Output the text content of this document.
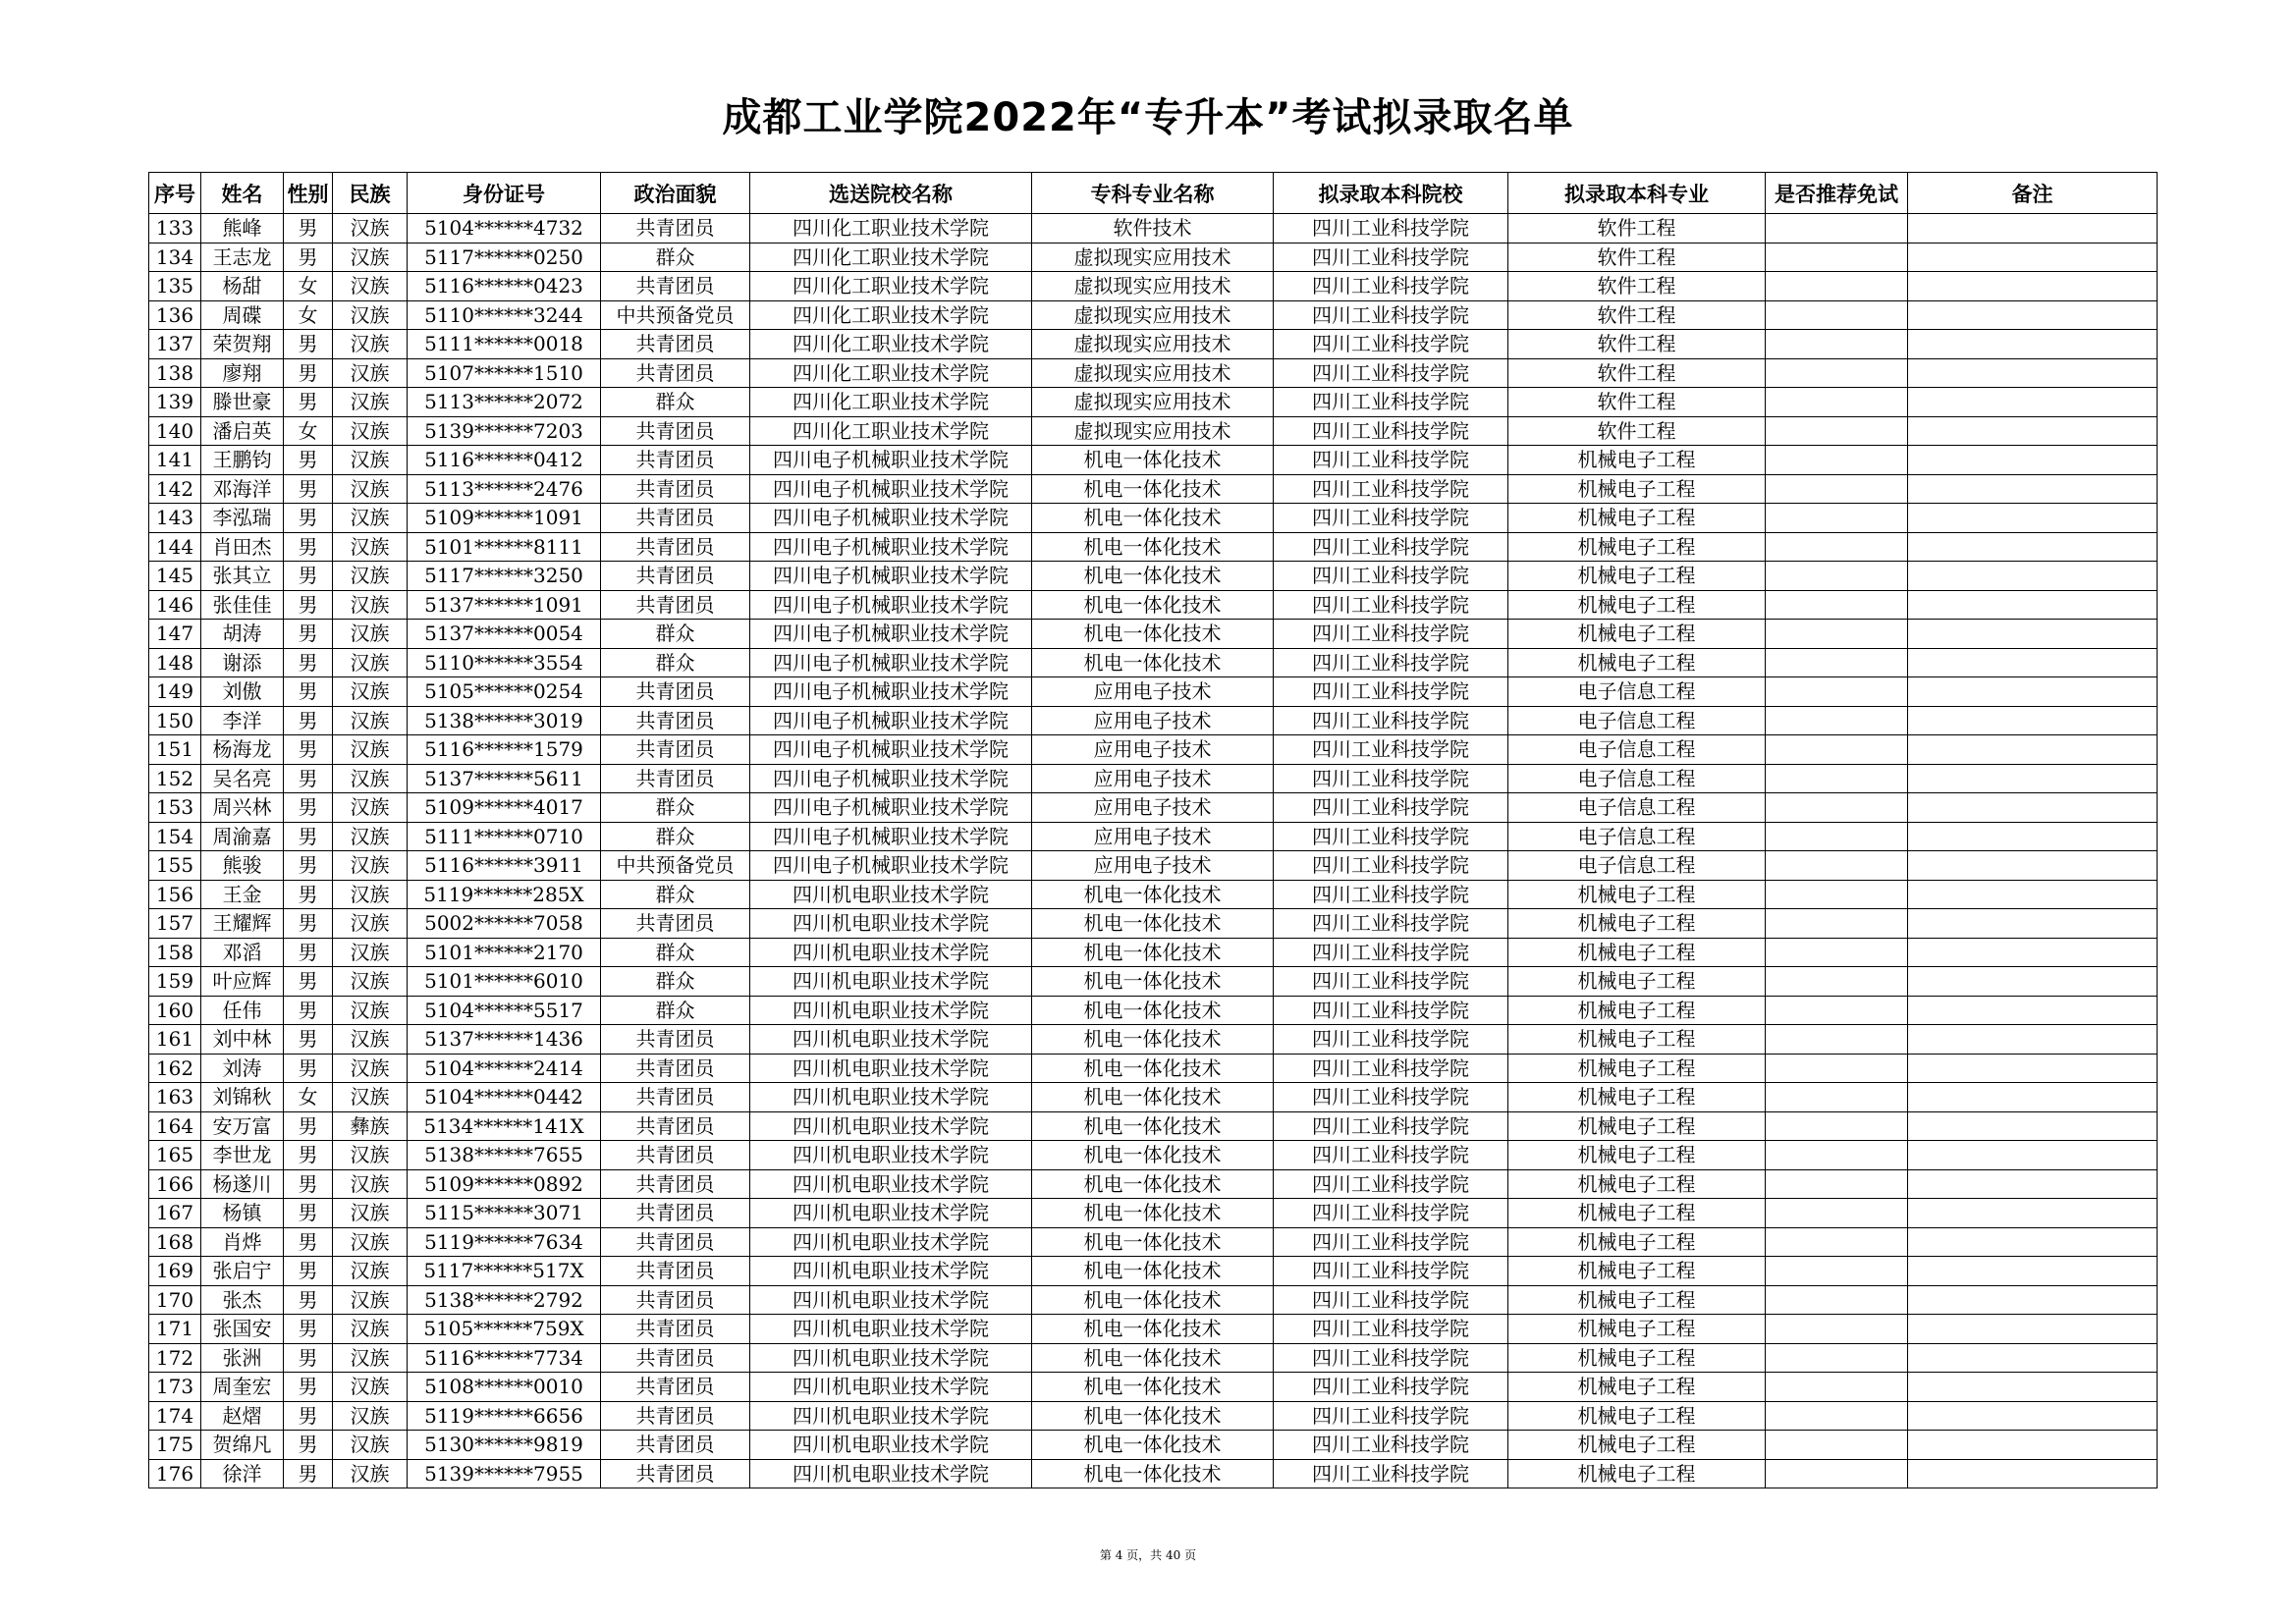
成都工业学院2022年“专升本”考试拟录取名单
序号	姓名	性别	民族	身份证号	政治面貌	选送院校名称	专科专业名称	拟录取本科院校	拟录取本科专业	是否推荐免试	备注
133	熊峰	男	汉族	5104******4732	共青团员	四川化工职业技术学院	软件技术	四川工业科技学院	软件工程		
134	王志龙	男	汉族	5117******0250	群众	四川化工职业技术学院	虚拟现实应用技术	四川工业科技学院	软件工程		
135	杨甜	女	汉族	5116******0423	共青团员	四川化工职业技术学院	虚拟现实应用技术	四川工业科技学院	软件工程		
136	周碟	女	汉族	5110******3244	中共预备党员	四川化工职业技术学院	虚拟现实应用技术	四川工业科技学院	软件工程		
137	荣贺翔	男	汉族	5111******0018	共青团员	四川化工职业技术学院	虚拟现实应用技术	四川工业科技学院	软件工程		
138	廖翔	男	汉族	5107******1510	共青团员	四川化工职业技术学院	虚拟现实应用技术	四川工业科技学院	软件工程		
139	滕世豪	男	汉族	5113******2072	群众	四川化工职业技术学院	虚拟现实应用技术	四川工业科技学院	软件工程		
140	潘启英	女	汉族	5139******7203	共青团员	四川化工职业技术学院	虚拟现实应用技术	四川工业科技学院	软件工程		
141	王鹏钧	男	汉族	5116******0412	共青团员	四川电子机械职业技术学院	机电一体化技术	四川工业科技学院	机械电子工程		
142	邓海洋	男	汉族	5113******2476	共青团员	四川电子机械职业技术学院	机电一体化技术	四川工业科技学院	机械电子工程		
143	李泓瑞	男	汉族	5109******1091	共青团员	四川电子机械职业技术学院	机电一体化技术	四川工业科技学院	机械电子工程		
144	肖田杰	男	汉族	5101******8111	共青团员	四川电子机械职业技术学院	机电一体化技术	四川工业科技学院	机械电子工程		
145	张其立	男	汉族	5117******3250	共青团员	四川电子机械职业技术学院	机电一体化技术	四川工业科技学院	机械电子工程		
146	张佳佳	男	汉族	5137******1091	共青团员	四川电子机械职业技术学院	机电一体化技术	四川工业科技学院	机械电子工程		
147	胡涛	男	汉族	5137******0054	群众	四川电子机械职业技术学院	机电一体化技术	四川工业科技学院	机械电子工程		
148	谢添	男	汉族	5110******3554	群众	四川电子机械职业技术学院	机电一体化技术	四川工业科技学院	机械电子工程		
149	刘傲	男	汉族	5105******0254	共青团员	四川电子机械职业技术学院	应用电子技术	四川工业科技学院	电子信息工程		
150	李洋	男	汉族	5138******3019	共青团员	四川电子机械职业技术学院	应用电子技术	四川工业科技学院	电子信息工程		
151	杨海龙	男	汉族	5116******1579	共青团员	四川电子机械职业技术学院	应用电子技术	四川工业科技学院	电子信息工程		
152	吴名亮	男	汉族	5137******5611	共青团员	四川电子机械职业技术学院	应用电子技术	四川工业科技学院	电子信息工程		
153	周兴林	男	汉族	5109******4017	群众	四川电子机械职业技术学院	应用电子技术	四川工业科技学院	电子信息工程		
154	周渝嘉	男	汉族	5111******0710	群众	四川电子机械职业技术学院	应用电子技术	四川工业科技学院	电子信息工程		
155	熊骏	男	汉族	5116******3911	中共预备党员	四川电子机械职业技术学院	应用电子技术	四川工业科技学院	电子信息工程		
156	王金	男	汉族	5119******285X	群众	四川机电职业技术学院	机电一体化技术	四川工业科技学院	机械电子工程		
157	王耀辉	男	汉族	5002******7058	共青团员	四川机电职业技术学院	机电一体化技术	四川工业科技学院	机械电子工程		
158	邓滔	男	汉族	5101******2170	群众	四川机电职业技术学院	机电一体化技术	四川工业科技学院	机械电子工程		
159	叶应辉	男	汉族	5101******6010	群众	四川机电职业技术学院	机电一体化技术	四川工业科技学院	机械电子工程		
160	任伟	男	汉族	5104******5517	群众	四川机电职业技术学院	机电一体化技术	四川工业科技学院	机械电子工程		
161	刘中林	男	汉族	5137******1436	共青团员	四川机电职业技术学院	机电一体化技术	四川工业科技学院	机械电子工程		
162	刘涛	男	汉族	5104******2414	共青团员	四川机电职业技术学院	机电一体化技术	四川工业科技学院	机械电子工程		
163	刘锦秋	女	汉族	5104******0442	共青团员	四川机电职业技术学院	机电一体化技术	四川工业科技学院	机械电子工程		
164	安万富	男	彝族	5134******141X	共青团员	四川机电职业技术学院	机电一体化技术	四川工业科技学院	机械电子工程		
165	李世龙	男	汉族	5138******7655	共青团员	四川机电职业技术学院	机电一体化技术	四川工业科技学院	机械电子工程		
166	杨遂川	男	汉族	5109******0892	共青团员	四川机电职业技术学院	机电一体化技术	四川工业科技学院	机械电子工程		
167	杨镇	男	汉族	5115******3071	共青团员	四川机电职业技术学院	机电一体化技术	四川工业科技学院	机械电子工程		
168	肖烨	男	汉族	5119******7634	共青团员	四川机电职业技术学院	机电一体化技术	四川工业科技学院	机械电子工程		
169	张启宁	男	汉族	5117******517X	共青团员	四川机电职业技术学院	机电一体化技术	四川工业科技学院	机械电子工程		
170	张杰	男	汉族	5138******2792	共青团员	四川机电职业技术学院	机电一体化技术	四川工业科技学院	机械电子工程		
171	张国安	男	汉族	5105******759X	共青团员	四川机电职业技术学院	机电一体化技术	四川工业科技学院	机械电子工程		
172	张洲	男	汉族	5116******7734	共青团员	四川机电职业技术学院	机电一体化技术	四川工业科技学院	机械电子工程		
173	周奎宏	男	汉族	5108******0010	共青团员	四川机电职业技术学院	机电一体化技术	四川工业科技学院	机械电子工程		
174	赵熠	男	汉族	5119******6656	共青团员	四川机电职业技术学院	机电一体化技术	四川工业科技学院	机械电子工程		
175	贺绵凡	男	汉族	5130******9819	共青团员	四川机电职业技术学院	机电一体化技术	四川工业科技学院	机械电子工程		
176	徐洋	男	汉族	5139******7955	共青团员	四川机电职业技术学院	机电一体化技术	四川工业科技学院	机械电子工程		
第 4 页，共 40 页
